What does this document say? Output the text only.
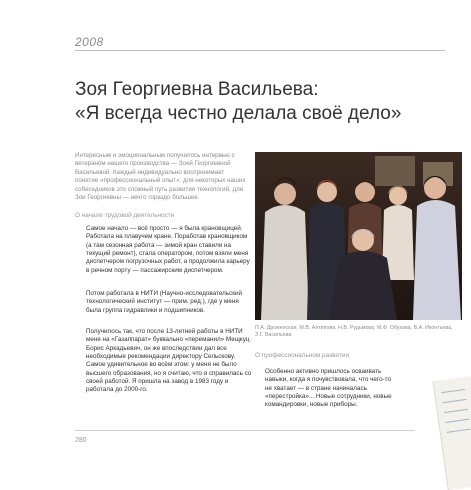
2008
Зоя Георгиевна Васильева:
«Я всегда честно делала своё дело»
Интересным и эмоциональным получилось интервью с ветераном нашего производства — Зоей Георгиевной Васильевой. Каждый индивидуально воспринимает понятие «профессиональный опыт»: для некоторых наших собеседников это сложный путь развития технологий, для Зои Георгиевны — нечто гораздо большее.
О начале трудовой деятельности
Самое начало — всё просто — я была крановщицей. Работала на плавучем кране. Поработав крановщиком (а там сезонная работа — зимой кран ставили на текущий ремонт), стала оператором, потом взяли меня диспетчером погрузочных работ, а продолжила карьеру в речном порту — пассажирским диспетчером.
Потом работала в НИТИ (Научно-исследовательский технологический институт — прим. ред.), где у меня была группа гидравлики и подшипников.
Получилось так, что после 13-летней работы в НИТИ меня на «Газаппарат» буквально «переманил» Мещкуц Борис Аркадьевич, он же впоследствии дал все необходимые рекомендации директору Сельскову. Самое удивительное во всём этом: у меня не было высшего образования, но я считаю, что я справилась со своей работой. Я пришла на завод в 1983 году и работала до 2000-го.
П.А. Дроженская, М.В. Антипова, Н.В. Рудьмова, М.Ф. Обухова, В.А. Иконтьева, З.Г. Васильева
О профессиональном развитии
Особенно активно пришлось осваивать навыки, когда я почувствовала, что чего-то не хватает — в стране начиналась «перестройка»... Новые сотрудники, новые командировки, новые приборы.
280
